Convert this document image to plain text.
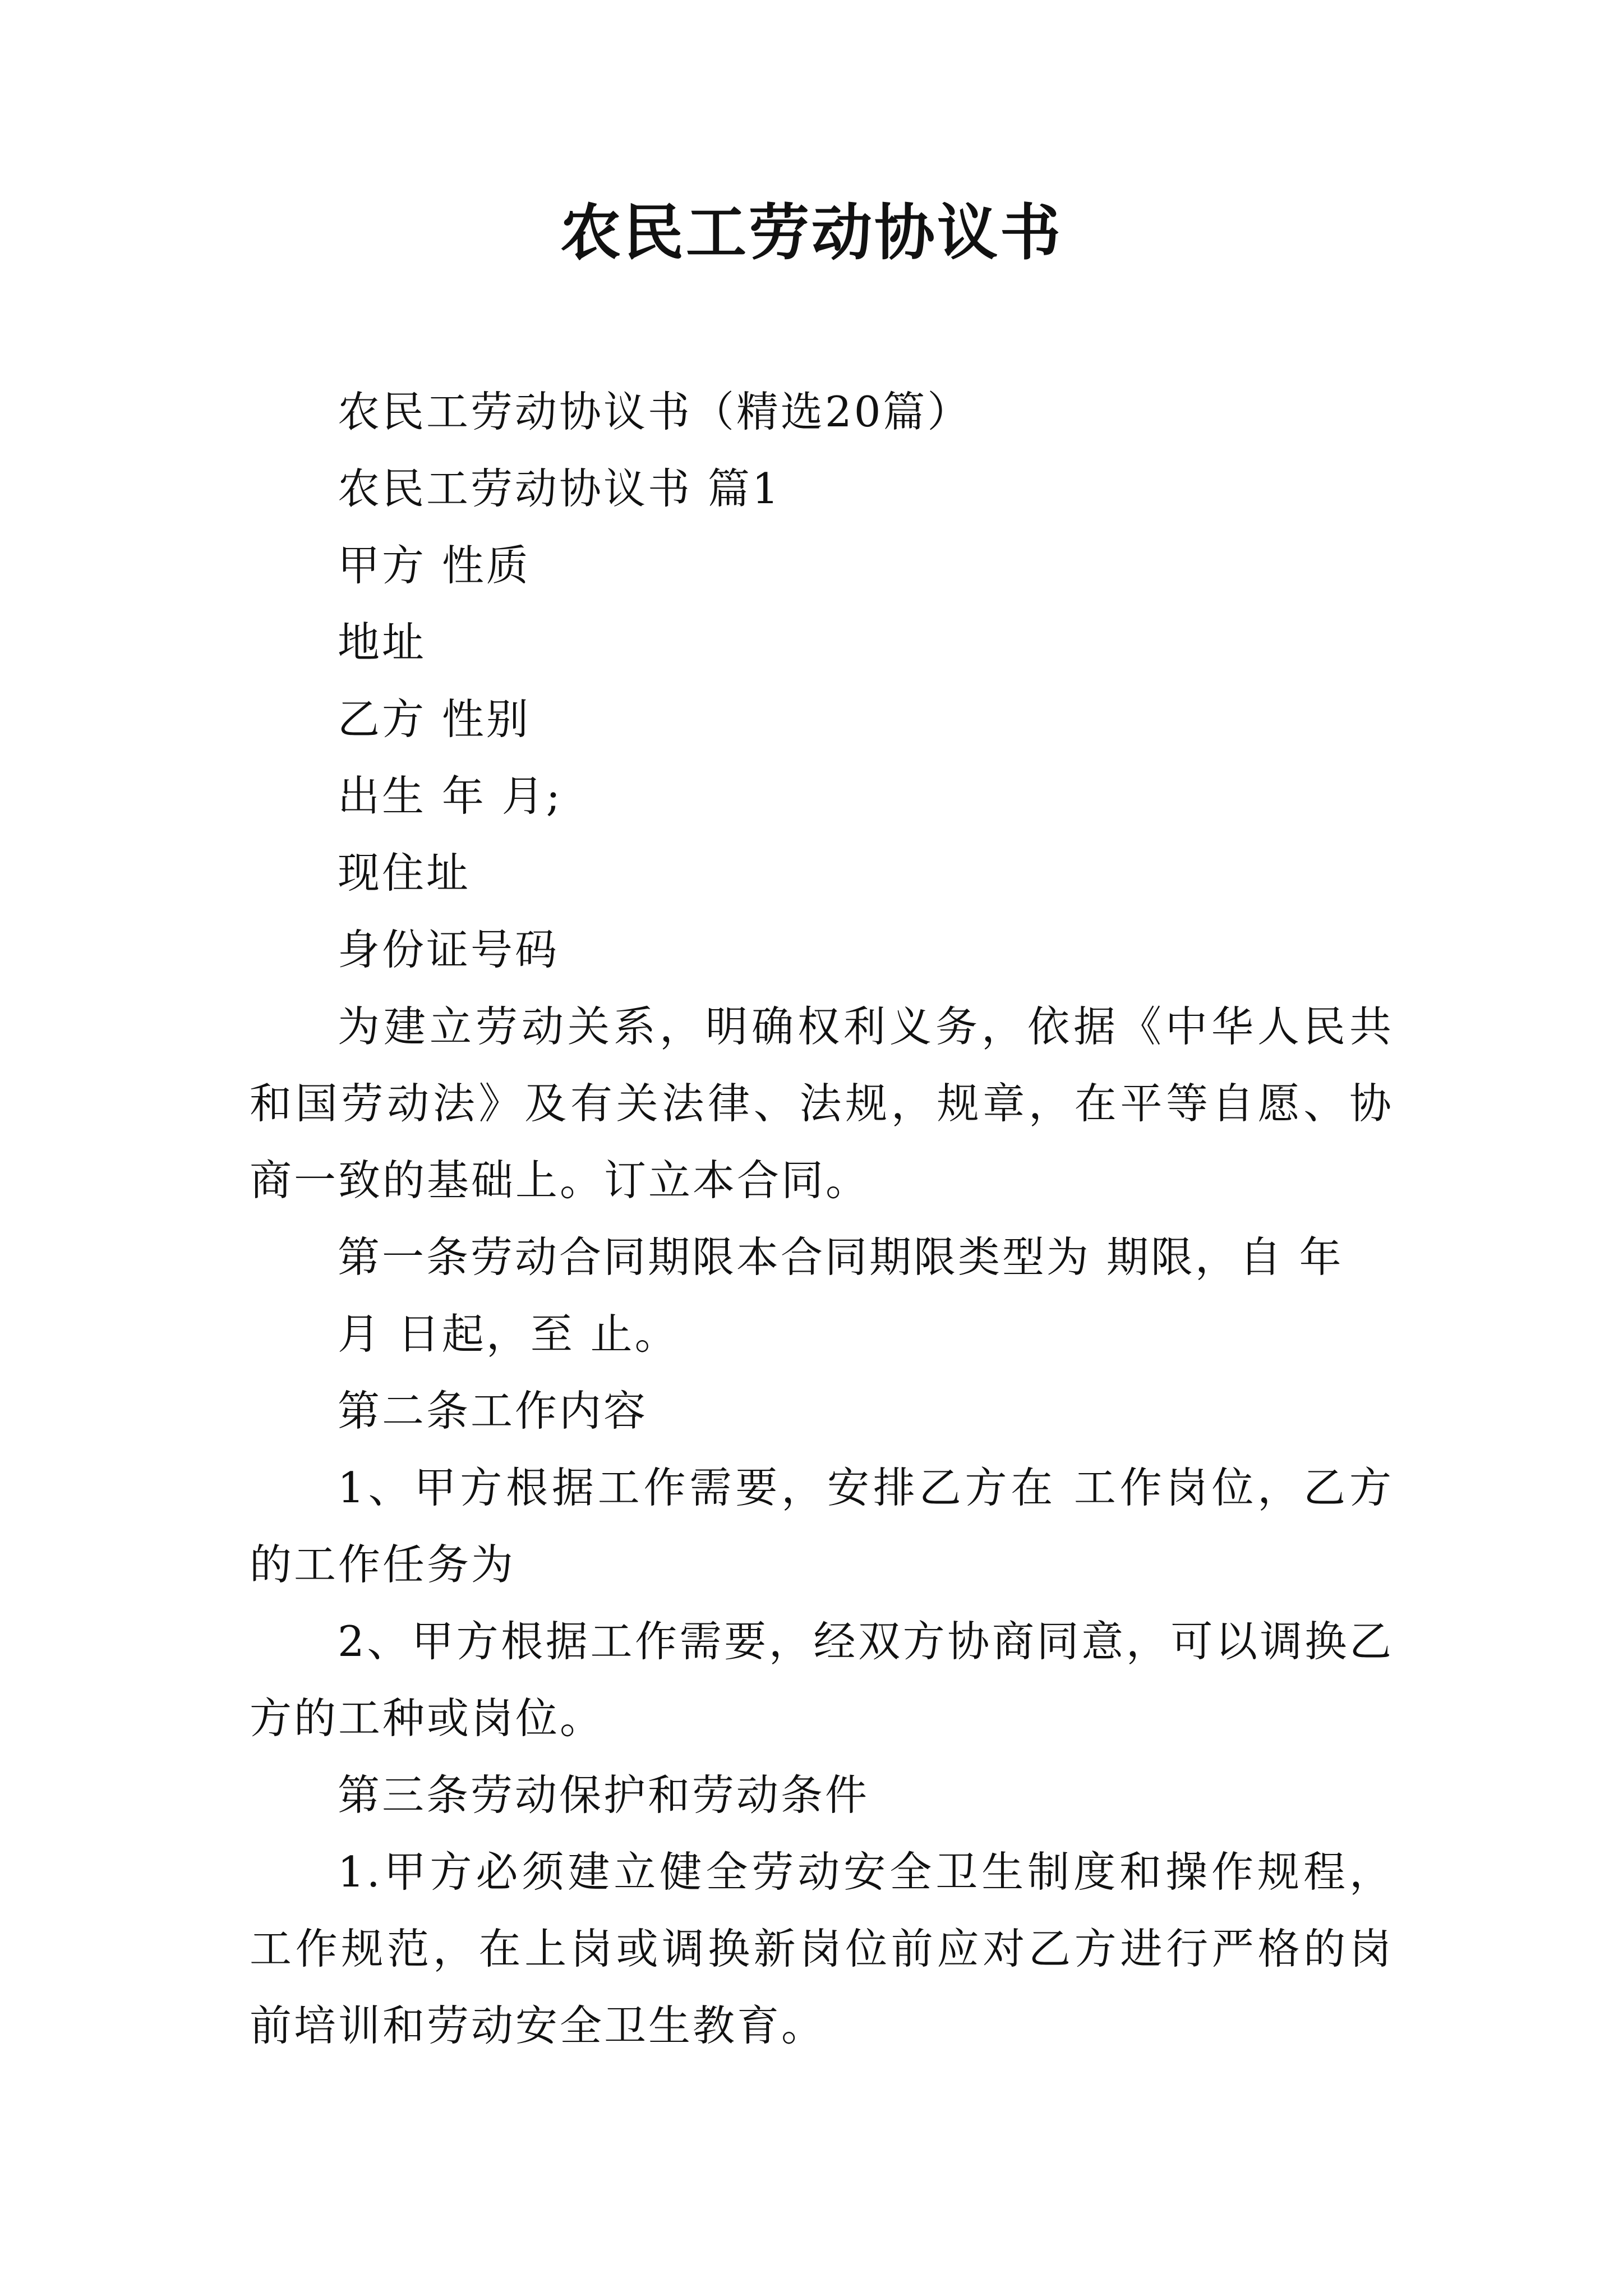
农民工劳动协议书

农民工劳动协议书（精选20篇）

农民工劳动协议书 篇1

甲方 性质

地址

乙方 性别

出生 年 月;

现住址

身份证号码

为建立劳动关系，明确权利义务，依据《中华人民共和国劳动法》及有关法律、法规，规章，在平等自愿、协商一致的基础上。订立本合同。

第一条劳动合同期限本合同期限类型为 期限，自 年

月 日起，至 止。

第二条工作内容

1、甲方根据工作需要，安排乙方在 工作岗位，乙方的工作任务为

2、甲方根据工作需要，经双方协商同意，可以调换乙方的工种或岗位。

第三条劳动保护和劳动条件

1.甲方必须建立健全劳动安全卫生制度和操作规程，工作规范，在上岗或调换新岗位前应对乙方进行严格的岗前培训和劳动安全卫生教育。
